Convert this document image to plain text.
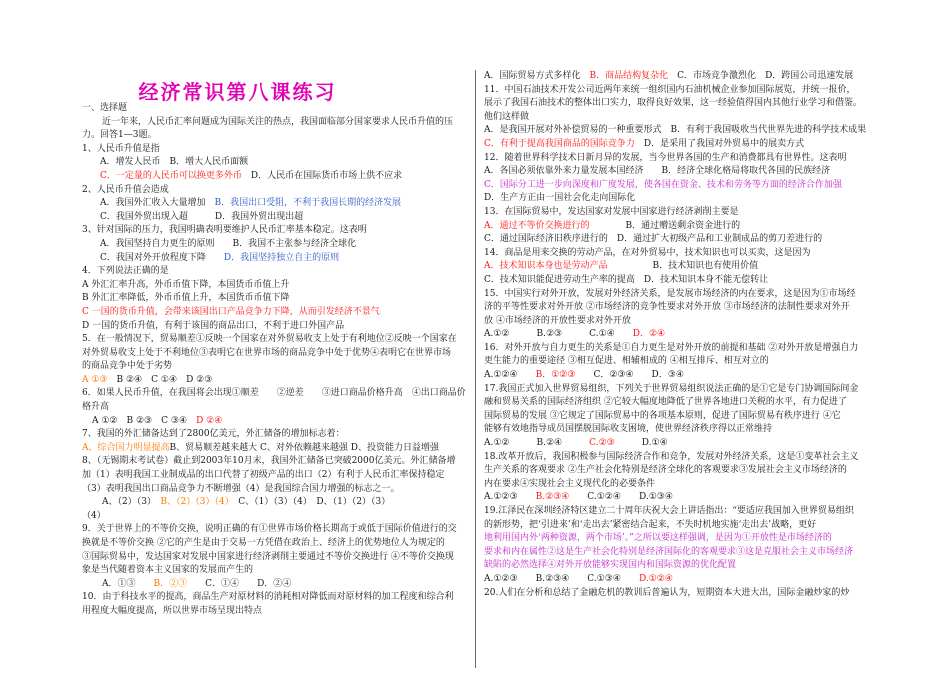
经济常识第八课练习
一、选择题
近一年来，人民币汇率问题成为国际关注的热点，我国面临部分国家要求人民币升值的压
力。回答1—3题。
1、人民币升值是指
A．增发人民币　 B．增大人民币面额
C．一定量的人民币可以换更多外币　 D．人民币在国际货币市场上供不应求
2、人民币升值会造成
A．我国外汇收入大量增加　 B．我国出口受阻，不利于我国长期的经济发展
C．我国外贸出现入超　　　	D．我国外贸出现出超
3、针对国际的压力，我国明确表明要维护人民币汇率基本稳定。这表明
A．我国坚持自力更生的原则　　 B．我国不主张参与经济全球化
C．我国对外开放程度下降　　 D．我国坚持独立自主的原则
4．下列说法正确的是
A 外汇汇率升高，外币币值下降，本国货币币值上升
B 外汇汇率降低，外币币值上升，本国货币币值下降
C 一国的货币升值，会带来该国出口产品竞争力下降，从而引发经济不景气
D 一国的货币升值，有利于该国的商品出口，不利于进口外国产品
5．在一般情况下，贸易顺差①反映一个国家在对外贸易收支上处于有利地位②反映一个国家在
对外贸易收支上处于不利地位③表明它在世界市场的商品竞争中处于优势④表明它在世界市场
的商品竞争中处于劣势
A ①③　 B ②④　 C ①④　 D ②③
6．如果人民币升值，在我国将会出现①顺差　　②逆差　　③进口商品价格升高　④出口商品价
格升高
A ①②　 B ②③　 C ③④　 D ②④
7、我国的外汇储备达到了2800亿美元，外汇储备的增加标志着：
A、综合国力明显提高B、贸易顺差越来越大 C、对外依赖越来越强 D、投资能力日益增强
8、（无锡期末考试卷）截止到2003年10月末，我国外汇储备已突破2000亿美元。外汇储备增
加（1）表明我国工业制成品的出口代替了初级产品的出口（2）有利于人民币汇率保持稳定
（3）表明我国出口商品竞争力不断增强（4）是我国综合国力增强的标志之一。
A、（2）（3）　 B、（2）（3）（4）　 C、（1）（3）（4）　 D、（1）（2）（3）
（4）
9．关于世界上的不等价交换，说明正确的有①世界市场价格长期高于或低于国际价值进行的交
换就是不等价交换 ②它的产生是由于交易一方凭借在政治上、经济上的优势地位人为规定的
③国际贸易中，发达国家对发展中国家进行经济剥削主要通过不等价交换进行 ④不等价交换现
象是当代随着资本主义国家的发展而产生的
A．①③　　 B．②③　　 C．①④　　 D．②④
10．由于科技水平的提高，商品生产对原材料的消耗相对降低而对原材料的加工程度和综合利
用程度大幅度提高，所以世界市场呈现出特点
A．国际贸易方式多样化　 B．商品结构复杂化　 C．市场竞争激烈化　 D．跨国公司迅速发展
11．中国石油技术开发公司近两年来统一组织国内石油机械企业参加国际展览，并统一报价，
展示了我国石油技术的整体出口实力，取得良好效果，这一经验值得国内其他行业学习和借鉴。
他们这样做
A．是我国开展对外补偿贸易的一种重要形式　 B．有利于我国吸收当代世界先进的科学技术成果
C．有利于提高我国商品的国际竞争力　 D．是采用了我国对外贸易中的展卖方式
12．随着世界科学技术日新月异的发展，当今世界各国的生产和消费都具有世界性。这表明
A．各国必须依靠外来力量发展本国经济　　 B．经济全球化格局将取代各国的民族经济
C．国际分工进一步向深度和广度发展，使各国在资金、技术和劳务等方面的经济合作加强
D．生产方正由一国社会化走向国际化
13．在国际贸易中，发达国家对发展中国家进行经济剥削主要是
A．通过不等价交换进行的　　　　	B．通过赠送剩余资金进行的
C．通过国际经济旧秩序进行的　 D．通过扩大初级产品和工业制成品的剪刀差进行的
14．商品是用来交换的劳动产品，在对外贸易中，技术知识也可以买卖，这是因为
A．技术知识本身也是劳动产品　　　　　	B．技术知识也有使用价值
C．技术知识能促进劳动生产率的提高　 D．技术知识本身不能无偿转让
15．中国实行对外开放，发展对外经济关系，是发展市场经济的内在要求，这是因为①市场经
济的平等性要求对外开放 ②市场经济的竞争性要求对外开放 ③市场经济的法制性要求对外开
放 ④市场经济的开放性要求对外开放
A.①②　　　	B.②③　　　	C.①④　　 D．②④
16．对外开放与自力更生的关系是①自力更生是对外开放的前提和基础 ②对外开放是增强自力
更生能力的重要途径 ③相互促进、相辅相成的 ④相互排斥、相互对立的
A.①②④　　 B．①②③　　 C．②③④　　 D．③④
17.我国正式加入世界贸易组织，下列关于世界贸易组织说法正确的是①它是专门协调国际间金
融和贸易关系的国际经济组织 ②它较大幅度地降低了世界各地进口关税的水平，有力促进了
国际贸易的发展 ③它规定了国际贸易中的各项基本原则，促进了国际贸易有秩序进行 ④它
能够有效地指导成员国摆脱国际收支困境，使世界经济秩序得以正常维持
A.①②　　　	B.②④　　　	C.②③　　　	D.①④
18.改革开放后，我国积极参与国际经济合作和竞争，发展对外经济关系，这是①变革社会主义
生产关系的客观要求 ②生产社会化特别是经济全球化的客观要求③发展社会主义市场经济的
内在要求④实现社会主义现代化的必要条件
A.①②③　　 B.②③④　　 C.①②④　　 D.①③④
19.江泽民在深圳经济特区建立二十周年庆祝大会上讲话指出：“要适应我国加入世界贸易组织
的新形势，把‘引进来’和‘走出去’紧密结合起来，不失时机地实施‘走出去’战略，更好
地利用国内外‘两种资源，两个市场’。”之所以要这样强调，是因为①开放性是市场经济的
要求和内在属性②这是生产社会化特别是经济国际化的客观要求③这是克服社会主义市场经济
缺陷的必然选择④对外开放能够实现国内和国际资源的优化配置
A.①②③　　 B.②③④　　 C.①③④　　 D.①②④
20.人们在分析和总结了金融危机的教训后普遍认为，短期资本大进大出，国际金融炒家的炒
